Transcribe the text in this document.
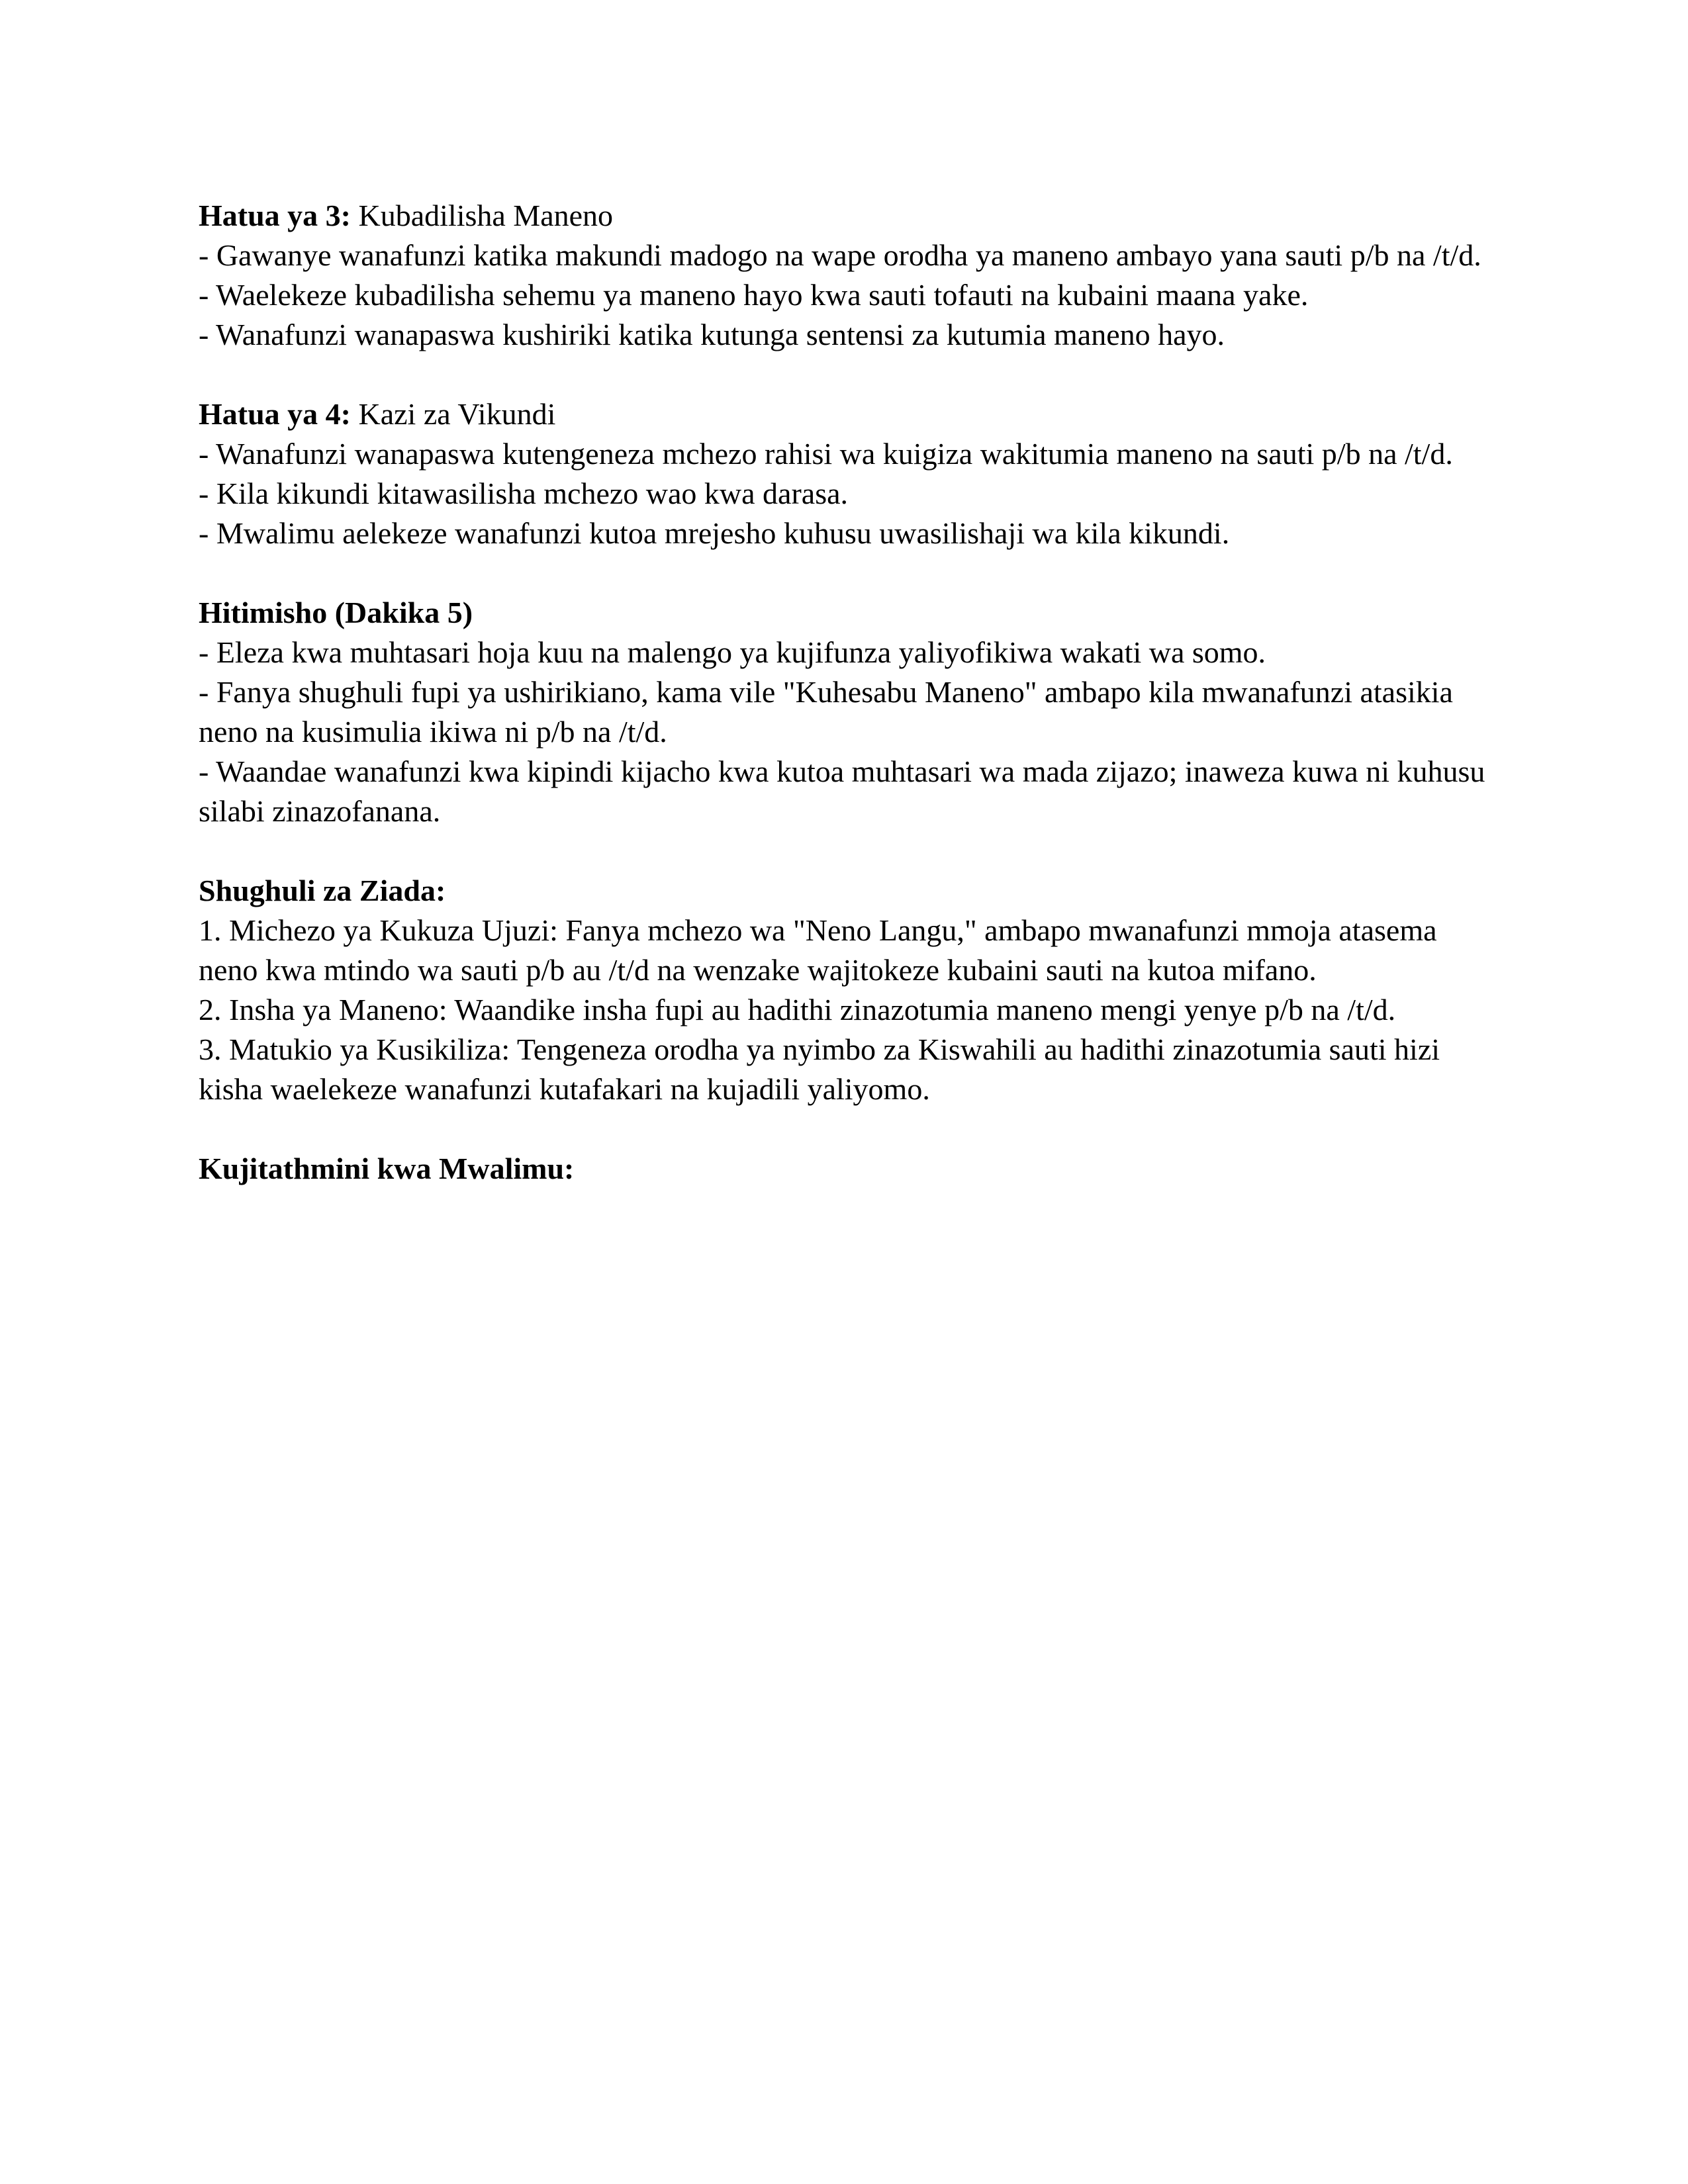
Hatua ya 3: Kubadilisha Maneno

- Gawanye wanafunzi katika makundi madogo na wape orodha ya maneno ambayo yana sauti p/b na /t/d.

- Waelekeze kubadilisha sehemu ya maneno hayo kwa sauti tofauti na kubaini maana yake.

- Wanafunzi wanapaswa kushiriki katika kutunga sentensi za kutumia maneno hayo.

Hatua ya 4: Kazi za Vikundi

- Wanafunzi wanapaswa kutengeneza mchezo rahisi wa kuigiza wakitumia maneno na sauti p/b na /t/d.

- Kila kikundi kitawasilisha mchezo wao kwa darasa.

- Mwalimu aelekeze wanafunzi kutoa mrejesho kuhusu uwasilishaji wa kila kikundi.

Hitimisho (Dakika 5)

- Eleza kwa muhtasari hoja kuu na malengo ya kujifunza yaliyofikiwa wakati wa somo.

- Fanya shughuli fupi ya ushirikiano, kama vile "Kuhesabu Maneno" ambapo kila mwanafunzi atasikia neno na kusimulia ikiwa ni p/b na /t/d.

- Waandae wanafunzi kwa kipindi kijacho kwa kutoa muhtasari wa mada zijazo; inaweza kuwa ni kuhusu silabi zinazofanana.

Shughuli za Ziada:

1. Michezo ya Kukuza Ujuzi: Fanya mchezo wa "Neno Langu," ambapo mwanafunzi mmoja atasema neno kwa mtindo wa sauti p/b au /t/d na wenzake wajitokeze kubaini sauti na kutoa mifano.

2. Insha ya Maneno: Waandike insha fupi au hadithi zinazotumia maneno mengi yenye p/b na /t/d.

3. Matukio ya Kusikiliza: Tengeneza orodha ya nyimbo za Kiswahili au hadithi zinazotumia sauti hizi kisha waelekeze wanafunzi kutafakari na kujadili yaliyomo.

Kujitathmini kwa Mwalimu:
